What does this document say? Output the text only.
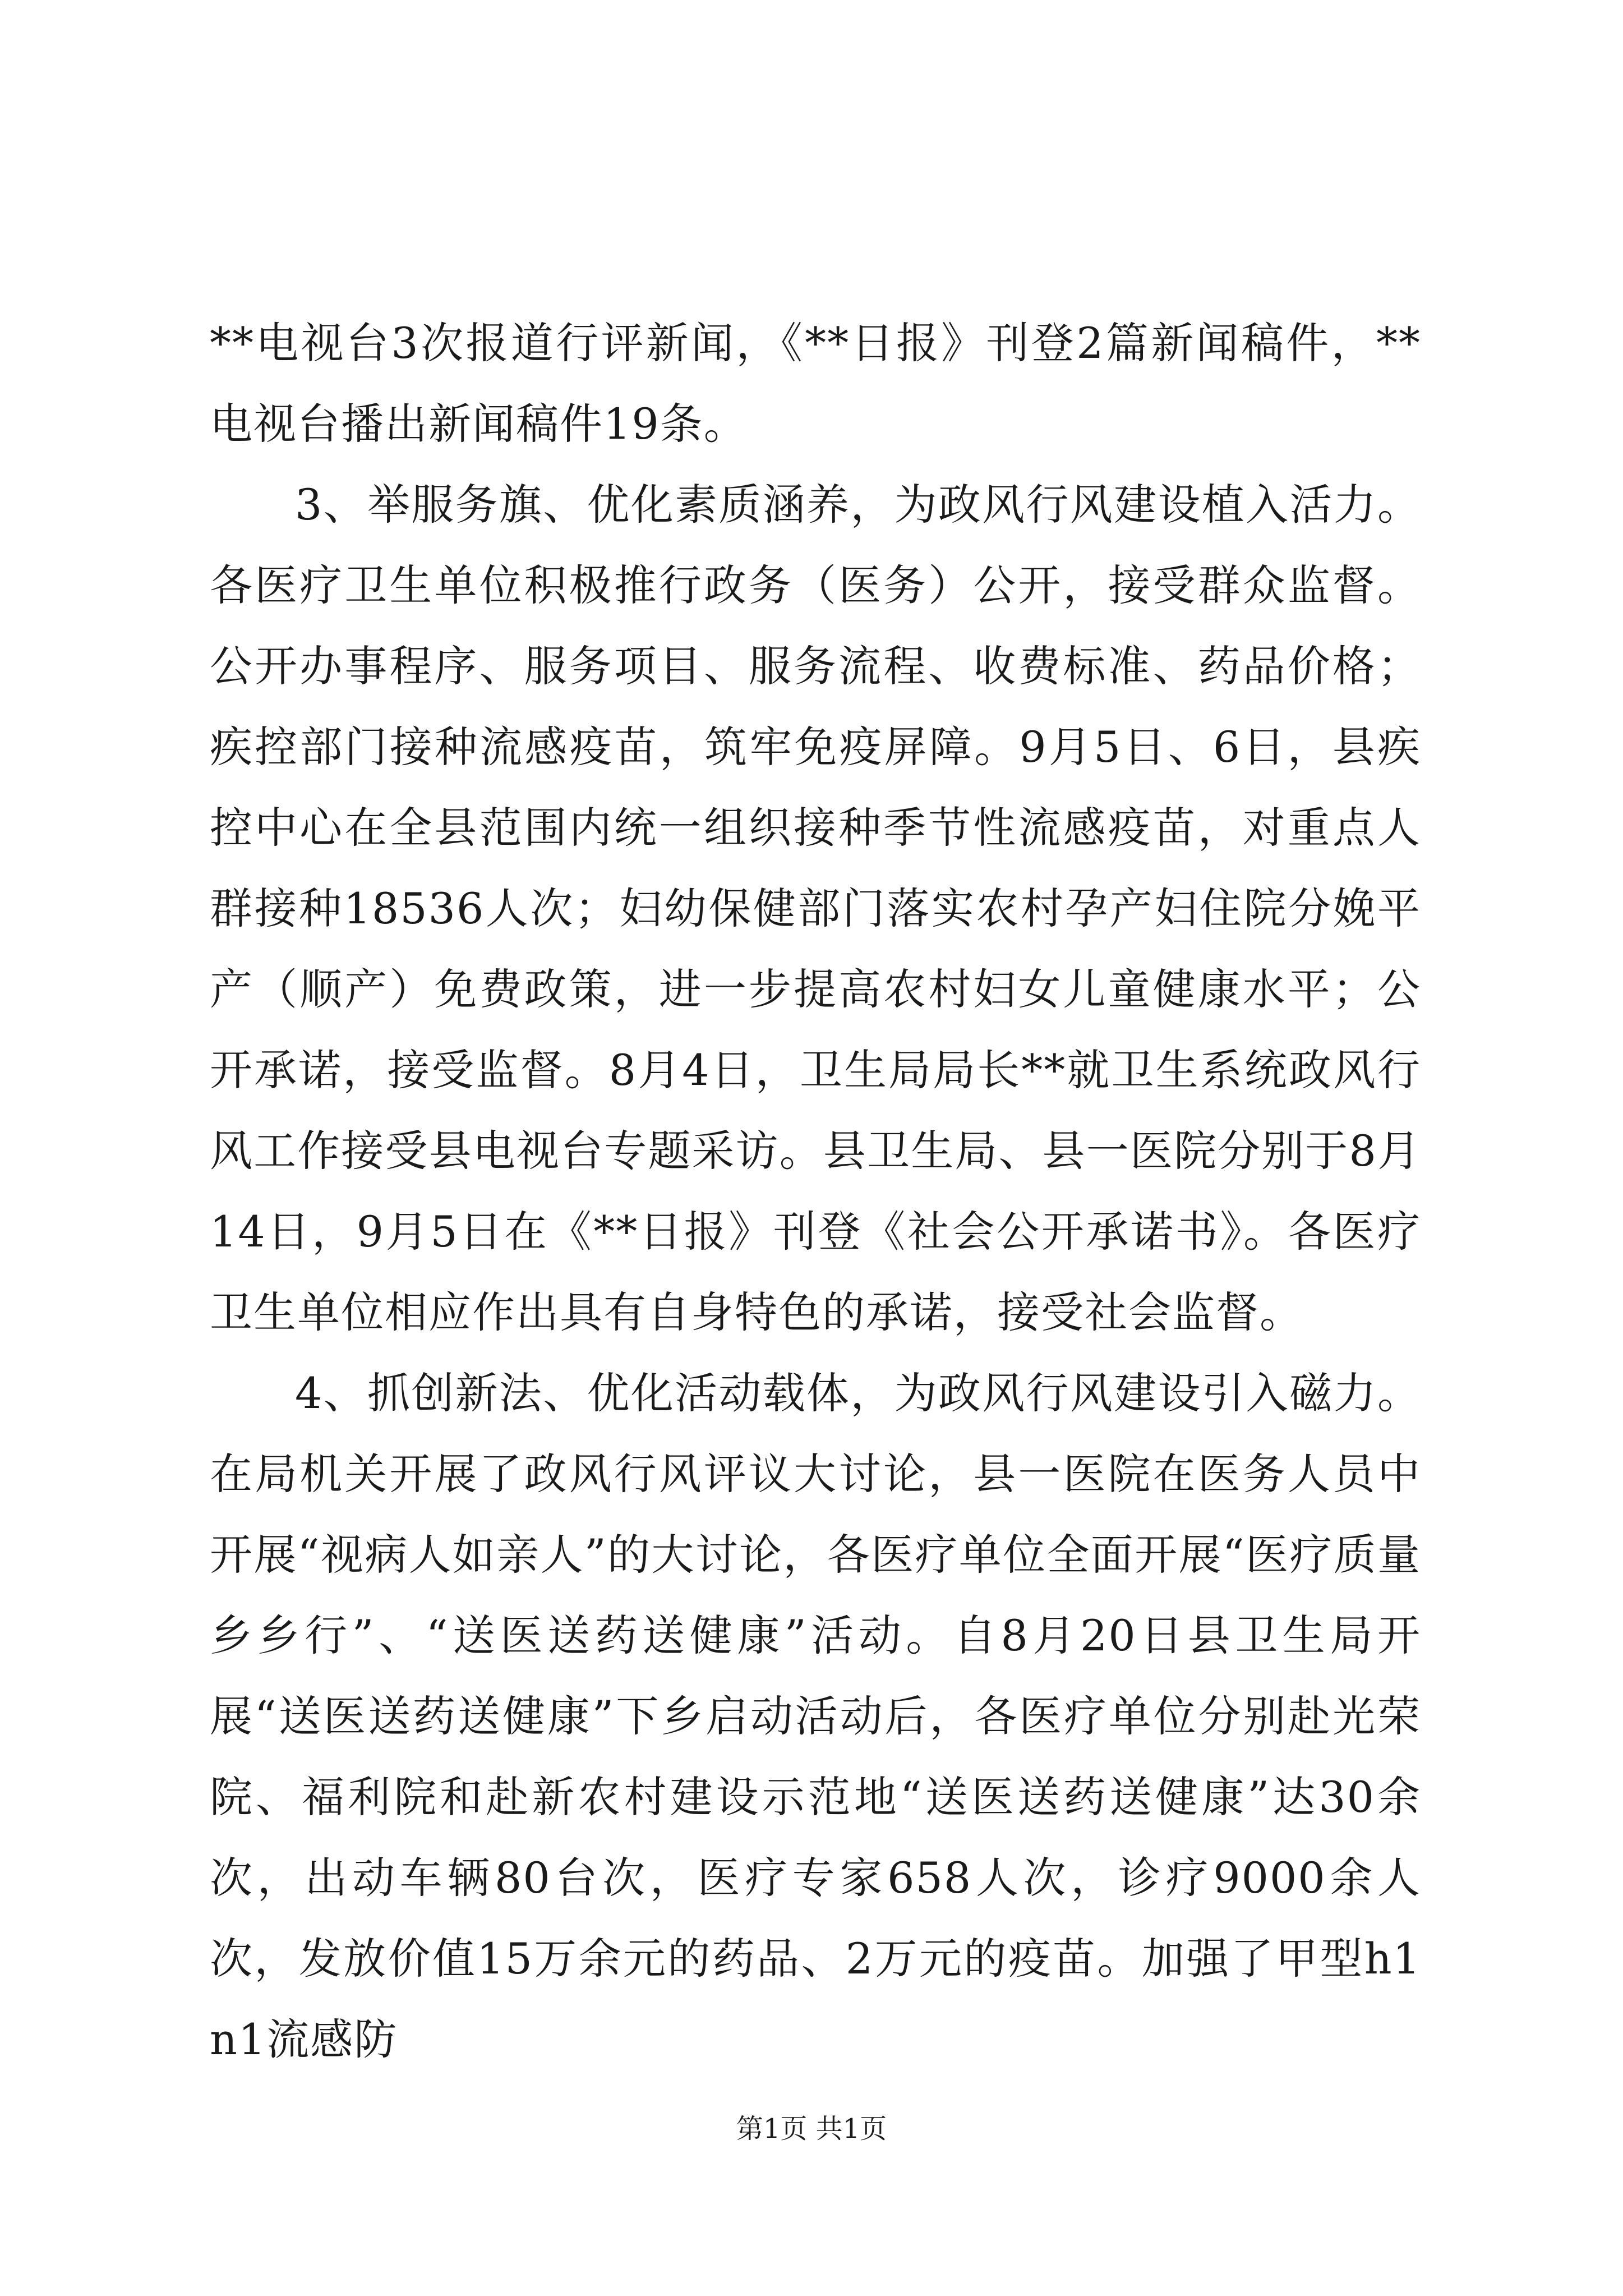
**电视台3次报道行评新闻，《**日报》刊登2篇新闻稿件，**电视台播出新闻稿件19条。

3、举服务旗、优化素质涵养，为政风行风建设植入活力。各医疗卫生单位积极推行政务（医务）公开，接受群众监督。公开办事程序、服务项目、服务流程、收费标准、药品价格；疾控部门接种流感疫苗，筑牢免疫屏障。9月5日、6日，县疾控中心在全县范围内统一组织接种季节性流感疫苗，对重点人群接种18536人次；妇幼保健部门落实农村孕产妇住院分娩平产（顺产）免费政策，进一步提高农村妇女儿童健康水平；公开承诺，接受监督。8月4日，卫生局局长**就卫生系统政风行风工作接受县电视台专题采访。县卫生局、县一医院分别于8月14日，9月5日在《**日报》刊登《社会公开承诺书》。各医疗卫生单位相应作出具有自身特色的承诺，接受社会监督。

4、抓创新法、优化活动载体，为政风行风建设引入磁力。在局机关开展了政风行风评议大讨论，县一医院在医务人员中开展“视病人如亲人”的大讨论，各医疗单位全面开展“医疗质量乡乡行”、“送医送药送健康”活动。自8月20日县卫生局开展“送医送药送健康”下乡启动活动后，各医疗单位分别赴光荣院、福利院和赴新农村建设示范地“送医送药送健康”达30余次，出动车辆80台次，医疗专家658人次，诊疗9000余人次，发放价值15万余元的药品、2万元的疫苗。加强了甲型h1n1流感防

第1页 共1页
